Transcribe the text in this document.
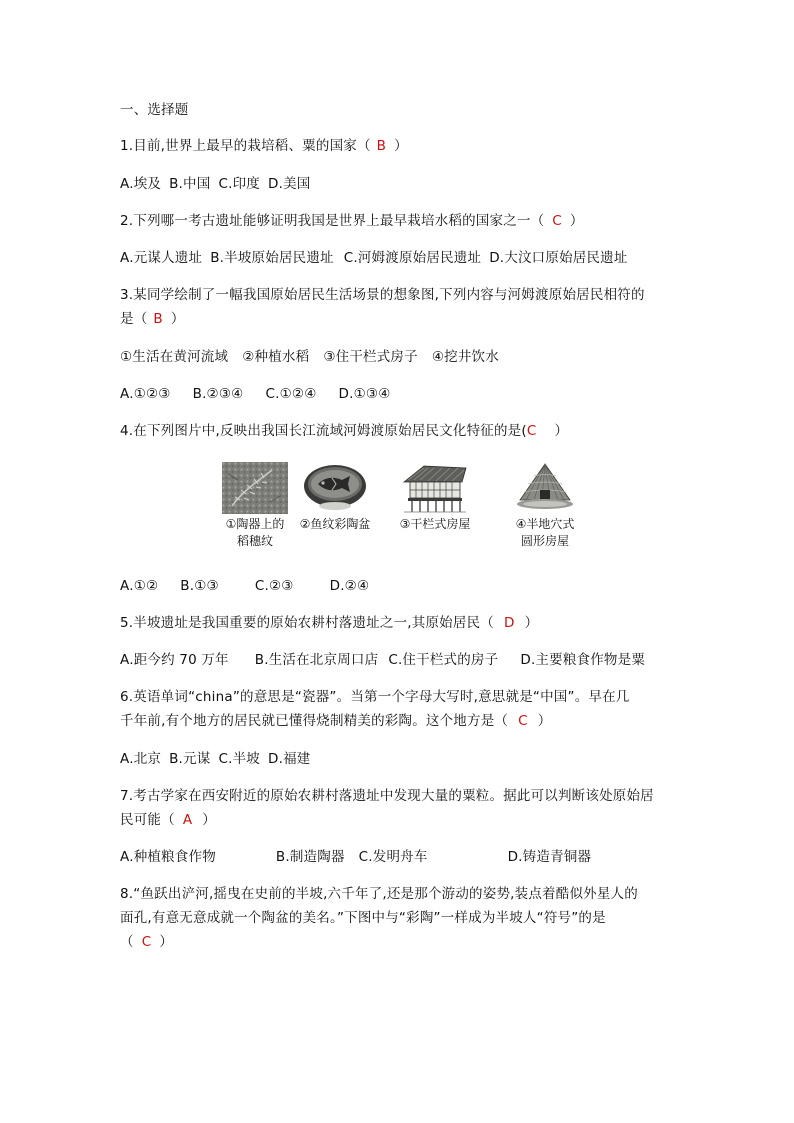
一、选择题
1.目前,世界上最早的栽培稻、粟的国家（ B ）
A.埃及 B.中国 C.印度 D.美国
2.下列哪一考古遗址能够证明我国是世界上最早栽培水稻的国家之一（ C ）
A.元谋人遗址 B.半坡原始居民遗址 C.河姆渡原始居民遗址 D.大汶口原始居民遗址
3.某同学绘制了一幅我国原始居民生活场景的想象图,下列内容与河姆渡原始居民相符的
是（ B ）
①生活在黄河流域 ②种植水稻 ③住干栏式房子 ④挖井饮水
A.①②③ B.②③④ C.①②④ D.①③④
4.在下列图片中,反映出我国长江流域河姆渡原始居民文化特征的是(C ）
①陶器上的
稻穗纹
②鱼纹彩陶盆	③干栏式房屋	④半地穴式
圆形房屋
A.①② B.①③	C.②③	D.②④
5.半坡遗址是我国重要的原始农耕村落遗址之一,其原始居民（ D ）
A.距今约 70 万年 B.生活在北京周口店 C.住干栏式的房子 D.主要粮食作物是粟
6.英语单词“china”的意思是“瓷器”。当第一个字母大写时,意思就是“中国”。早在几
千年前,有个地方的居民就已懂得烧制精美的彩陶。这个地方是（ C ）
A.北京 B.元谋 C.半坡 D.福建
7.考古学家在西安附近的原始农耕村落遗址中发现大量的粟粒。据此可以判断该处原始居
民可能（ A ）
A.种植粮食作物	B.制造陶器 C.发明舟车	D.铸造青铜器
8.“鱼跃出浐河,摇曳在史前的半坡,六千年了,还是那个游动的姿势,装点着酷似外星人的
面孔,有意无意成就一个陶盆的美名。”下图中与“彩陶”一样成为半坡人“符号”的是
（ C ）
